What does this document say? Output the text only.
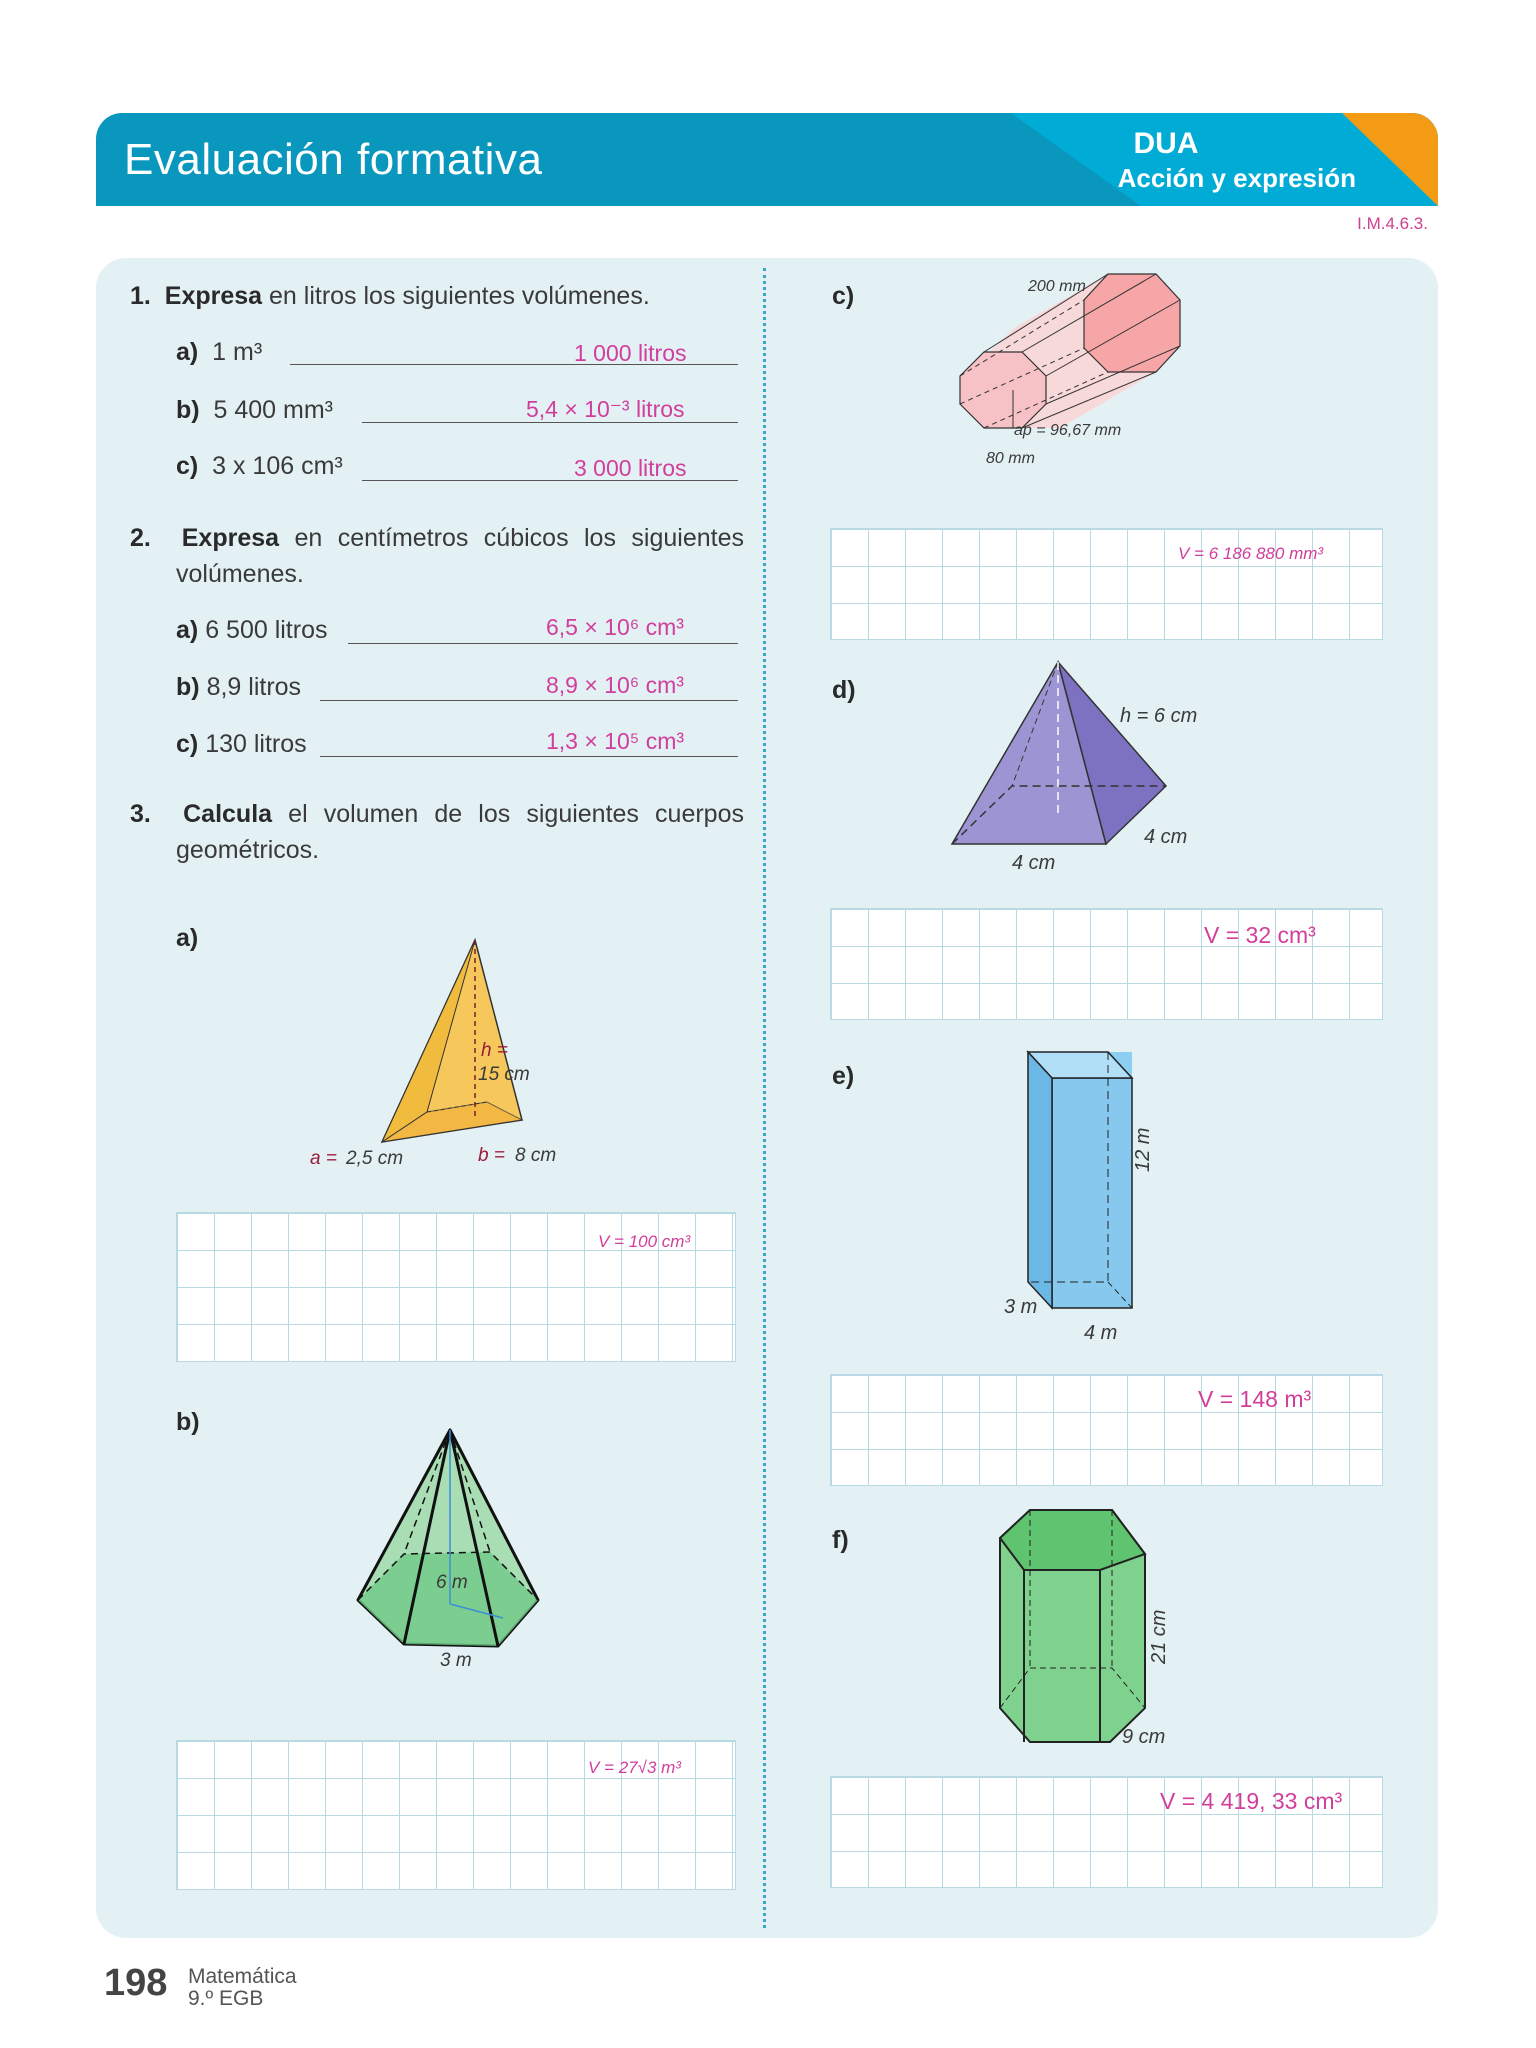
Evaluación formativa	DUA
Acción y expresión
I.M.4.6.3.
1. Expresa en litros los siguientes volúmenes.
a) 1 m³	1 000 litros
b) 5 400 mm³	5,4 × 10⁻³ litros
c) 3 x 106 cm³	3 000 litros
2. Expresa en centímetros cúbicos los siguientes
volúmenes.
a) 6 500 litros	6,5 × 10⁶ cm³
b) 8,9 litros	8,9 × 10⁶ cm³
c) 130 litros	1,3 × 10⁵ cm³
3. Calcula el volumen de los siguientes cuerpos
geométricos.
a)
h =
15 cm
a = 2,5 cm	b = 8 cm
V = 100 cm³
b)
6 m
3 m
V = 27√3 m³
c)	200 mm
ap = 96,67 mm
80 mm
V = 6 186 880 mm³
d)
h = 6 cm
4 cm
4 cm
V = 32 cm³
e)
12 m
3 m
4 m
V = 148 m³
f)
21 cm
9 cm
V = 4 419, 33 cm³
198 Matemática
9.º EGB
